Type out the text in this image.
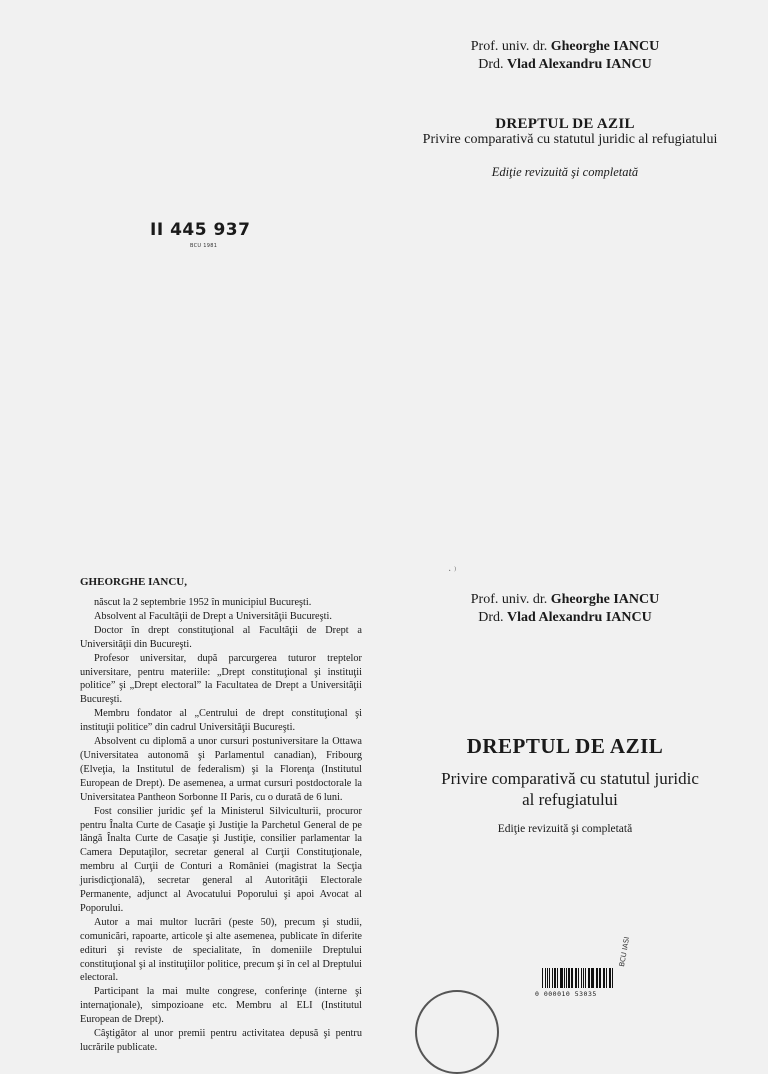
Prof. univ. dr. Gheorghe IANCU
Drd. Vlad Alexandru IANCU
DREPTUL DE AZIL
Privire comparativă cu statutul juridic al refugiatului
Ediţie revizuită şi completată
II 445 937
BCU 1981
· ⁾
Prof. univ. dr. Gheorghe IANCU
Drd. Vlad Alexandru IANCU
DREPTUL DE AZIL
Privire comparativă cu statutul juridic
al refugiatului
Ediţie revizuită şi completată
GHEORGHE IANCU,

născut la 2 septembrie 1952 în municipiul Bucureşti.

Absolvent al Facultăţii de Drept a Universităţii Bucureşti.

Doctor în drept constituţional al Facultăţii de Drept a Universităţii din Bucureşti.

Profesor universitar, după parcurgerea tuturor treptelor universitare, pentru materiile: „Drept constituţional şi instituţii politice” şi „Drept electoral” la Facultatea de Drept a Universităţii Bucureşti.

Membru fondator al „Centrului de drept constituţional şi instituţii politice” din cadrul Universităţii Bucureşti.

Absolvent cu diplomă a unor cursuri postuniversitare la Ottawa (Universitatea autonomă şi Parlamentul canadian), Fribourg (Elveţia, la Institutul de federalism) şi la Florenţa (Institutul European de Drept). De asemenea, a urmat cursuri postdoctorale la Universitatea Pantheon Sorbonne II Paris, cu o durată de 6 luni.

Fost consilier juridic şef la Ministerul Silviculturii, procuror pentru Înalta Curte de Casaţie şi Justiţie la Parchetul General de pe lângă Înalta Curte de Casaţie şi Justiţie, consilier parlamentar la Camera Deputaţilor, secretar general al Curţii Constituţionale, membru al Curţii de Conturi a României (magistrat la Secţia jurisdicţională), secretar general al Autorităţii Electorale Permanente, adjunct al Avocatului Poporului şi apoi Avocat al Poporului.

Autor a mai multor lucrări (peste 50), precum şi studii, comunicări, rapoarte, articole şi alte asemenea, publicate în diferite edituri şi reviste de specialitate, în domeniile Dreptului constituţional şi al instituţiilor politice, precum şi în cel al Dreptului electoral.

Participant la mai multe congrese, conferinţe (interne şi internaţionale), simpozioane etc. Membru al ELI (Institutul European de Drept).

Câştigător al unor premii pentru activitatea depusă şi pentru lucrările publicate.

0 000010 53035
BCU IASI
